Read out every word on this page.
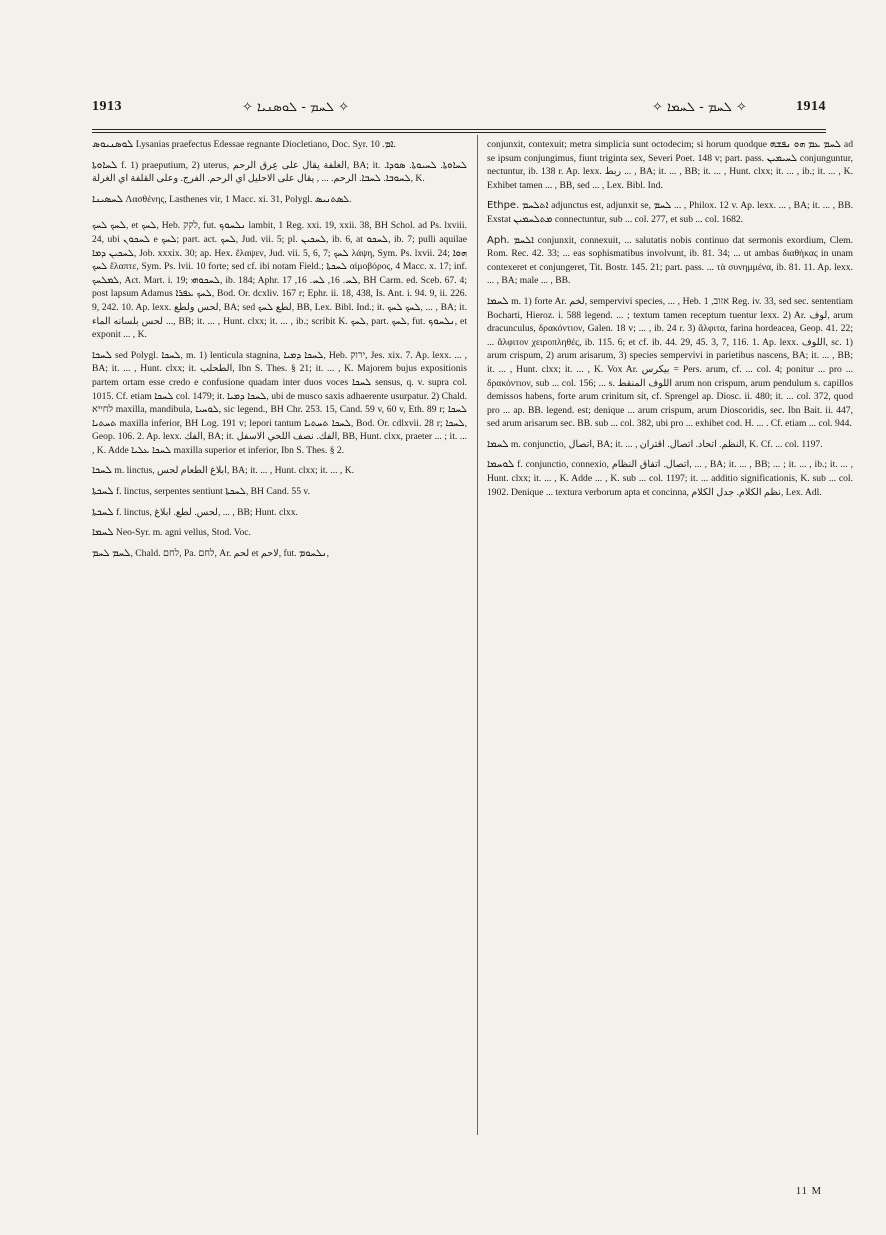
1913	✧ ܠܚܡ - ܠܘܣܢܝܐ ✧	✧ ܠܚܡ - ܠܚܡܐ ✧	1914

ܠܘܣܢܝܘܣ Lysanias praefectus Edessae regnante Diocletiano, Doc. Syr. ܐܡ. 10.

ܠܚܐܘܬܐ f. 1) praeputium, 2) uterus, الغلفة يقال على عِرق الرحم, BA; it. ܠܚܐܘܬܐ. ܠܚܝܘܬܐ. ܣܘܕܐ. ܠܚܘܒܐ. ܠܚܒܐ. الرحم. ... , يقال على الاحليل اي الرحم. الفرج. وعلى القلفة اي الغرلة, K.

ܠܚܣܝܢܐ Λασθένης, Lasthenes vir, 1 Macc. xi. 31, Polygl. ܠܣܬܢܝܣ.

ܠܚܟ ܠܚܟ, et ܠܚܟ, Heb. לקק, fut. ܢܠܚܘܟ lambit, 1 Reg. xxi. 19, xxii. 38, BH Schol. ad Ps. lxviii. 24, ubi ܠܚܟܘܢ e ܠܚܟ; part. act. ܠܚܟ, Jud. vii. 5; pl. ܠܚܟܝܢ, ib. 6, at ܠܚܟܘ, ib. 7; pulli aquilae ܠܚܟܝܢ ܕܡܐ, Job. xxxix. 30; ap. Hex. ἔλαψεν, Jud. vii. 5, 6, 7; ܠܚܟ λάψη, Sym. Ps. lxvii. 24; ܗܘܐ ܠܚܟ ἔλαπτε, Sym. Ps. lvii. 10 forte; sed cf. ibi notam Field.; ܠܚܟܬܐ αἱμοβόρος, 4 Macc. x. 17; inf. ܠܡܠܚܟ, Act. Mart. i. 19; ܠܚܟܘܗܝ, ib. 184; Aphr. ܠܚ. 16, ܠܚ. 16, 17, BH Carm. ed. Sceb. 67. 4; post lapsum Adamus ܠܚܟ ܥܦܪܐ, Bod. Or. dcxliv. 167 r; Ephr. ii. 18, 438, Is. Ant. i. 94. 9, ii. 226. 9, 242. 10. Ap. lexx. لحس ولطع, BA; sed لطع ܠܚܟ, BB, Lex. Bibl. Ind.; it. ܠܚܟ ܠܚܟ, ... , BA; it. لحس بلسانه الماء ..., BB; it. ... , Hunt. clxx; it. ... , ib.; scribit K. ܠܚܟ, part. ܠܚܟ, fut. ܢܠܚܘܟ, et exponit ... , K.

ܠܚܟܐ sed Polygl. ܠܚܟܐ, m. 1) lenticula stagnina, ܠܚܟܐ ܕܡܝܐ, Heb. ירוק, Jes. xix. 7. Ap. lexx. ... , BA; it. ... , Hunt. clxx; it. الطحلب, Ibn S. Thes. § 21; it. ... , K. Majorem bujus expositionis partem ortam esse credo e confusione quadam inter duos voces ܠܚܟܐ sensus, q. v. supra col. 1015. Cf. etiam ܠܚܟܐ col. 1479; it. ܠܚܟܐ ܕܡܝܐ, ubi de musco saxis adhaerente usurpatur. 2) Chald. לחייא maxilla, mandibula, ܠܘܚܝܐ, sic legend., BH Chr. 253. 15, Cand. 59 v, 60 v, Eth. 89 r; ܠܚܟܐ ܬܚܬܝܐ maxilla inferior, BH Log. 191 v; lepori tantum ܠܚܟܐ ܬܚܬܝܐ, Bod. Or. cdlxvii. 28 r; ܠܚܟܐ, Geop. 106. 2. Ap. lexx. الفك, BA; it. الفك. نصف اللحي الاسفل, BB, Hunt. clxx, praeter ... ; it. ... , K. Adde ܠܚܟܐ ܥܠܝܐ maxilla superior et inferior, Ibn S. Thes. § 2.

ܠܚܟܐ m. linctus, ابلاغ الطعام لحس, BA; it. ... , Hunt. clxx; it. ... , K.

ܠܚܟܬܐ f. linctus, serpentes sentiunt ܠܚܟܬܐ, BH Cand. 55 v.

ܠܚܟܬܐ f. linctus, لحس. لطع. ابلاغ, ... , BB; Hunt. clxx.

ܠܚܡܐ Neo-Syr. m. agni vellus, Stod. Voc.

ܠܚܡ ܠܚܡ, Chald. לחם, Pa. לחם, Ar. لحم et لاحم, fut. ܢܠܚܘܡ,

conjunxit, contexuit; metra simplicia sunt octodecim; si horum quodque ܠܚܡ ܥܡ ܗܘ ܢܦܫܗ ad se ipsum conjungimus, fiunt triginta sex, Severi Poet. 148 v; part. pass. ܠܚܝܡܝܢ conjunguntur, nectuntur, ib. 138 r. Ap. lexx. ربط ... , BA; it. ... , BB; it. ... , Hunt. clxx; it. ... , ib.; it. ... , K. Exhibet tamen ... , BB, sed ... , Lex. Bibl. Ind.

Ethpe. ܐܬܠܚܡ adjunctus est, adjunxit se, ܠܚܡ ... , Philox. 12 v. Ap. lexx. ... , BA; it. ... , BB. Exstat ܡܬܠܚܡܝܢ connectuntur, sub ... col. 277, et sub ... col. 1682.

Aph. ܐܠܚܡ conjunxit, connexuit, ... salutatis nobis continuo dat sermonis exordium, Clem. Rom. Rec. 42. 33; ... eas sophismatibus involvunt, ib. 81. 34; ... ut ambas διαθήκας in unam contexeret et conjungeret, Tit. Bostr. 145. 21; part. pass. ... τὰ συνημμένα, ib. 81. 11. Ap. lexx. ... , BA; male ... , BB.

ܠܚܡܐ m. 1) forte Ar. لخم, sempervivi species, ... , Heb. אזוב, 1 Reg. iv. 33, sed sec. sententiam Bocharti, Hieroz. i. 588 legend. ... ; textum tamen receptum tuentur lexx. 2) Ar. لوف, arum dracunculus, δρακόντιον, Galen. 18 v; ... , ib. 24 r. 3) ἄλφιτα, farina hordeacea, Geop. 41. 22; ... ἄλφιτον χειροπληθές, ib. 115. 6; et cf. ib. 44. 29, 45. 3, 7, 116. 1. Ap. lexx. اللوف, sc. 1) arum crispum, 2) arum arisarum, 3) species sempervivi in parietibus nascens, BA; it. ... , BB; it. ... , Hunt. clxx; it. ... , K. Vox Ar. بيكرس = Pers. arum, cf. ... col. 4; ponitur ... pro ... δρακόντιον, sub ... col. 156; ... s. اللوف المنقط arum non crispum, arum pendulum s. capillos demissos habens, forte arum crinitum sit, cf. Sprengel ap. Diosc. ii. 480; it. ... col. 372, quod pro ... ap. BB. legend. est; denique ... arum crispum, arum Dioscoridis, sec. Ibn Bait. ii. 447, sed arum arisarum sec. BB. sub ... col. 382, ubi pro ... exhibet cod. H. ... . Cf. etiam ... col. 944.

ܠܚܡܐ m. conjunctio, اتصال, BA; it. ... , النظم. اتحاد. اتصال. اقتران, K. Cf. ... col. 1197.

ܠܘܚܡܐ f. conjunctio, connexio, اتصال. اتفاق النظام, ... , BA; it. ... , BB; ... ; it. ... , ib.; it. ... , Hunt. clxx; it. ... , K. Adde ... , K. sub ... col. 1197; it. ... additio significationis, K. sub ... col. 1902. Denique ... textura verborum apta et concinna, نظم الكلام. جدل الكلام, Lex. Adl.

11 M
